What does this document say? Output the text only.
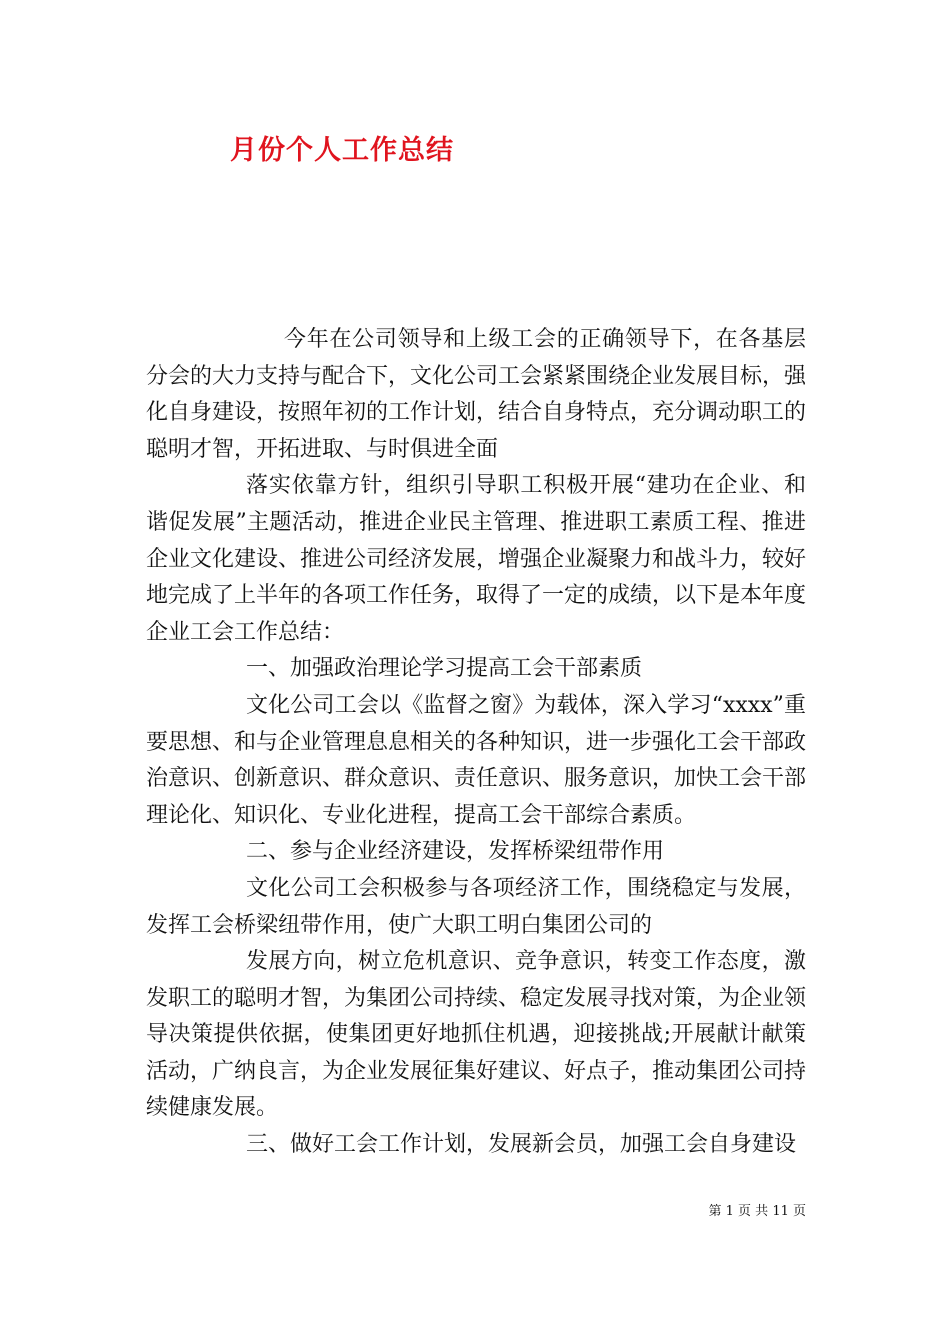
月份个人工作总结

今年在公司领导和上级工会的正确领导下，在各基层分会的大力支持与配合下，文化公司工会紧紧围绕企业发展目标，强化自身建设，按照年初的工作计划，结合自身特点，充分调动职工的聪明才智，开拓进取、与时俱进全面

落实依靠方针，组织引导职工积极开展“建功在企业、和谐促发展”主题活动，推进企业民主管理、推进职工素质工程、推进企业文化建设、推进公司经济发展，增强企业凝聚力和战斗力，较好地完成了上半年的各项工作任务，取得了一定的成绩，以下是本年度企业工会工作总结：

一、加强政治理论学习提高工会干部素质

文化公司工会以《监督之窗》为载体，深入学习“xxxx”重要思想、和与企业管理息息相关的各种知识，进一步强化工会干部政治意识、创新意识、群众意识、责任意识、服务意识，加快工会干部理论化、知识化、专业化进程，提高工会干部综合素质。

二、参与企业经济建设，发挥桥梁纽带作用

文化公司工会积极参与各项经济工作，围绕稳定与发展，发挥工会桥梁纽带作用，使广大职工明白集团公司的

发展方向，树立危机意识、竞争意识，转变工作态度，激发职工的聪明才智，为集团公司持续、稳定发展寻找对策，为企业领导决策提供依据，使集团更好地抓住机遇，迎接挑战;开展献计献策活动，广纳良言，为企业发展征集好建议、好点子，推动集团公司持续健康发展。

三、做好工会工作计划，发展新会员，加强工会自身建设

第 1 页 共 11 页
